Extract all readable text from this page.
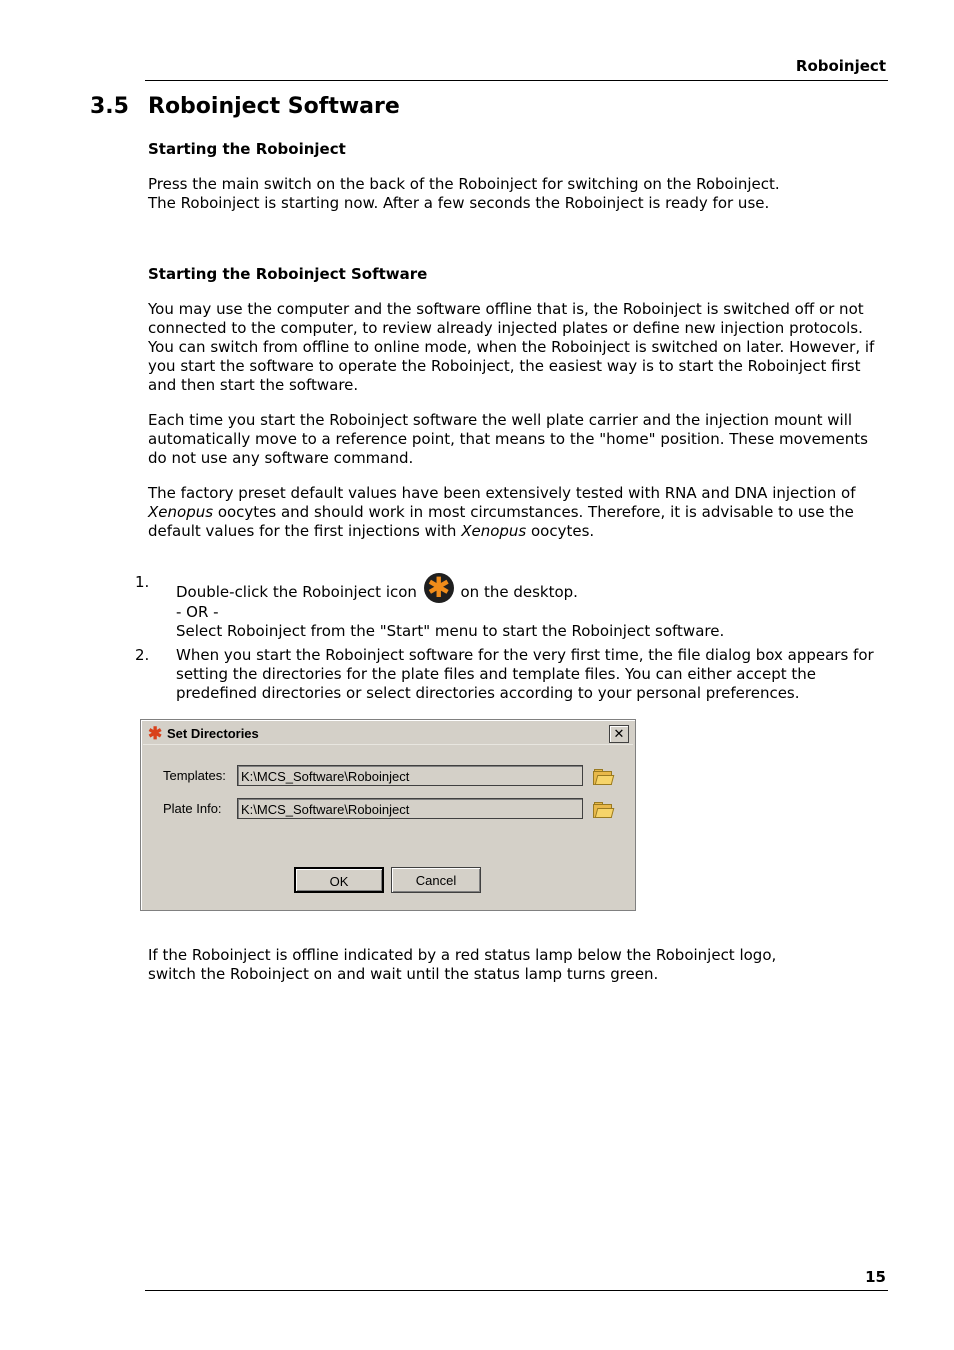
Roboinject
3.5 Roboinject Software
Starting the Roboinject

Press the main switch on the back of the Roboinject for switching on the Roboinject.

The Roboinject is starting now. After a few seconds the Roboinject is ready for use.

Starting the Roboinject Software

You may use the computer and the software offline that is, the Roboinject is switched off or not connected to the computer, to review already injected plates or define new injection protocols. You can switch from offline to online mode, when the Roboinject is switched on later. However, if you start the software to operate the Roboinject, the easiest way is to start the Roboinject first and then start the software.

Each time you start the Roboinject software the well plate carrier and the injection mount will automatically move to a reference point, that means to the "home" position. These movements do not use any software command.

The factory preset default values have been extensively tested with RNA and DNA injection of Xenopus oocytes and should work in most circumstances. Therefore, it is advisable to use the default values for the first injections with Xenopus oocytes.

1.

Double-click the Roboinject icon ✱ on the desktop.

- OR -

Select Roboinject from the "Start" menu to start the Roboinject software.

2. When you start the Roboinject software for the very first time, the file dialog box appears for setting the directories for the plate files and template files. You can either accept the predefined directories or select directories according to your personal preferences.

✱ Set Directories	✕
Templates:	K:\MCS_Software\Roboinject
Plate Info:	K:\MCS_Software\Roboinject
OK	Cancel

If the Roboinject is offline indicated by a red status lamp below the Roboinject logo,

switch the Roboinject on and wait until the status lamp turns green.

15
